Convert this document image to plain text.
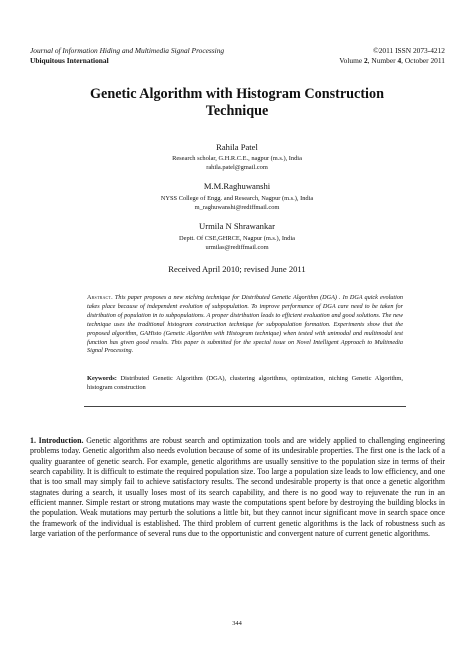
Journal of Information Hiding and Multimedia Signal Processing	©2011 ISSN 2073-4212
Ubiquitous International	Volume 2, Number 4, October 2011
Genetic Algorithm with Histogram Construction
Technique
Rahila Patel
Research scholar, G.H.R.C.E., nagpur (m.s.), India
rahila.patel@gmail.com
M.M.Raghuwanshi
NYSS College of Engg. and Research, Nagpur (m.s.), India
m_raghuwanshi@rediffmail.com
Urmila N Shrawankar
Deptt. Of CSE,GHRCE, Nagpur (m.s.), India
urmilas@rediffmail.com
Received April 2010; revised June 2011
Abstract. This paper proposes a new niching technique for Distributed Genetic Algorithm (DGA) . In DGA quick evolution takes place because of independent evolution of subpopulation. To improve performance of DGA care need to be taken for distribution of population in to subpopulations. A proper distribution leads to efficient evaluation and good solutions. The new technique uses the traditional histogram construction technique for subpopulation formation. Experiments show that the proposed algorithm, GAHisto (Genetic Algorithm with Histogram technique) when tested with unimodal and multimodal test function has given good results. This paper is submitted for the special issue on Novel Intelligent Approach to Multimedia Signal Processing.
Keywords: Distributed Genetic Algorithm (DGA), clustering algorithms, optimization, niching Genetic Algorithm, histogram construction
1. Introduction. Genetic algorithms are robust search and optimization tools and are widely applied to challenging engineering problems today. Genetic algorithm also needs evolution because of some of its undesirable properties. The first one is the lack of a quality guarantee of genetic search. For example, genetic algorithms are usually sensitive to the population size in terms of their search capability. It is difficult to estimate the required population size. Too large a population size leads to low efficiency, and one that is too small may simply fail to achieve satisfactory results. The second undesirable property is that once a genetic algorithm stagnates during a search, it usually loses most of its search capability, and there is no good way to rejuvenate the run in an efficient manner. Simple restart or strong mutations may waste the computations spent before by destroying the building blocks in the population. Weak mutations may perturb the solutions a little bit, but they cannot incur significant move in search space once the framework of the individual is established. The third problem of current genetic algorithms is the lack of robustness such as large variation of the performance of several runs due to the opportunistic and convergent nature of current genetic algorithms.
344
